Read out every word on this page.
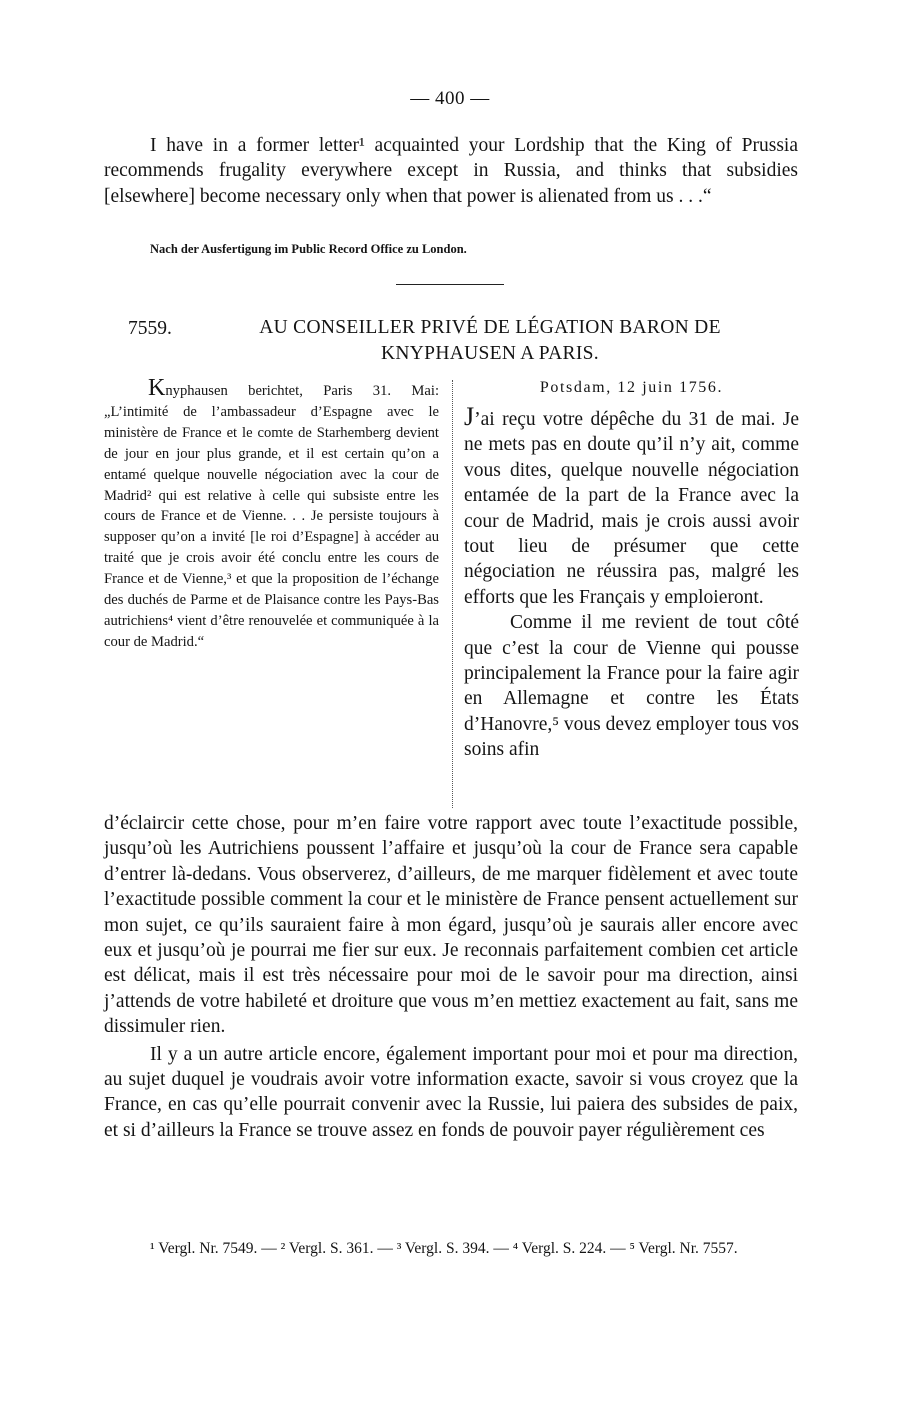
— 400 —

I have in a former letter¹ acquainted your Lordship that the King of Prussia recommends frugality everywhere except in Russia, and thinks that subsidies [elsewhere] become necessary only when that power is alienated from us . . .“

Nach der Ausfertigung im Public Record Office zu London.
7559.	AU CONSEILLER PRIVÉ DE LÉGATION BARON DE KNYPHAUSEN A PARIS.

Knyphausen berichtet, Paris 31. Mai: „L’intimité de l’ambassadeur d’Espagne avec le ministère de France et le comte de Starhemberg devient de jour en jour plus grande, et il est certain qu’on a entamé quelque nouvelle négociation avec la cour de Madrid² qui est relative à celle qui subsiste entre les cours de France et de Vienne. . . Je persiste toujours à supposer qu’on a invité [le roi d’Espagne] à accéder au traité que je crois avoir été conclu entre les cours de France et de Vienne,³ et que la proposition de l’échange des duchés de Parme et de Plaisance contre les Pays-Bas autrichiens⁴ vient d’être renouvelée et communiquée à la cour de Madrid.“

Potsdam, 12 juin 1756.

J’ai reçu votre dépêche du 31 de mai. Je ne mets pas en doute qu’il n’y ait, comme vous dites, quelque nouvelle négociation entamée de la part de la France avec la cour de Madrid, mais je crois aussi avoir tout lieu de présumer que cette négociation ne réussira pas, malgré les efforts que les Français y emploieront.

Comme il me revient de tout côté que c’est la cour de Vienne qui pousse principalement la France pour la faire agir en Allemagne et contre les États d’Hanovre,⁵ vous devez employer tous vos soins afin

d’éclaircir cette chose, pour m’en faire votre rapport avec toute l’exactitude possible, jusqu’où les Autrichiens poussent l’affaire et jusqu’où la cour de France sera capable d’entrer là-dedans. Vous observerez, d’ailleurs, de me marquer fidèlement et avec toute l’exactitude possible comment la cour et le ministère de France pensent actuellement sur mon sujet, ce qu’ils sauraient faire à mon égard, jusqu’où je saurais aller encore avec eux et jusqu’où je pourrai me fier sur eux. Je reconnais parfaitement combien cet article est délicat, mais il est très nécessaire pour moi de le savoir pour ma direction, ainsi j’attends de votre habileté et droiture que vous m’en mettiez exactement au fait, sans me dissimuler rien.

Il y a un autre article encore, également important pour moi et pour ma direction, au sujet duquel je voudrais avoir votre information exacte, savoir si vous croyez que la France, en cas qu’elle pourrait convenir avec la Russie, lui paiera des subsides de paix, et si d’ailleurs la France se trouve assez en fonds de pouvoir payer régulièrement ces

¹ Vergl. Nr. 7549. — ² Vergl. S. 361. — ³ Vergl. S. 394. — ⁴ Vergl. S. 224. — ⁵ Vergl. Nr. 7557.
